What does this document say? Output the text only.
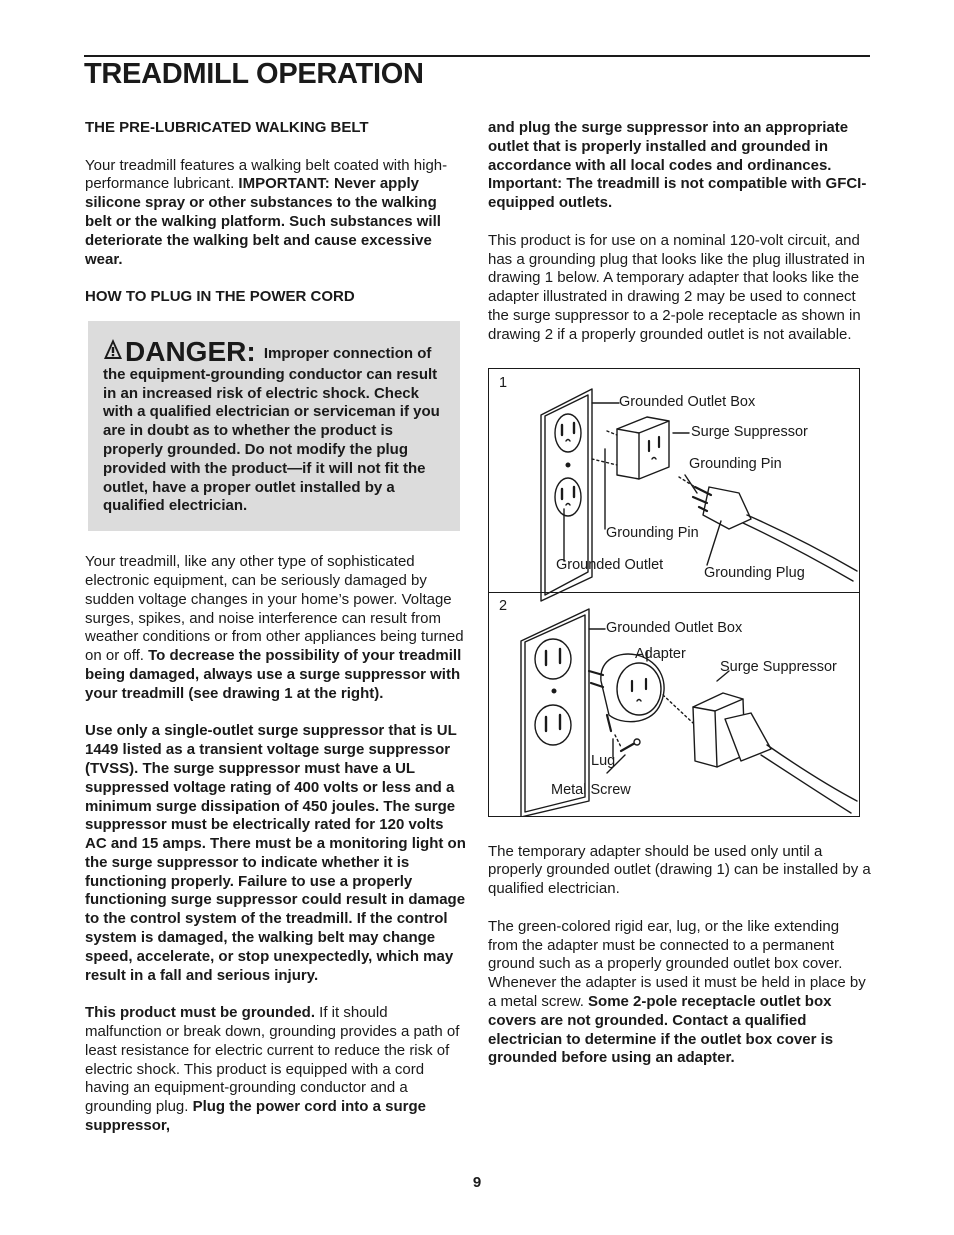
TREADMILL OPERATION

THE PRE-LUBRICATED WALKING BELT

Your treadmill features a walking belt coated with high-performance lubricant. IMPORTANT: Never apply silicone spray or other substances to the walking belt or the walking platform. Such substances will deteriorate the walking belt and cause excessive wear.

HOW TO PLUG IN THE POWER CORD

DANGER: Improper connection of the equipment-grounding conductor can result in an increased risk of electric shock. Check with a qualified electrician or serviceman if you are in doubt as to whether the product is properly grounded. Do not modify the plug provided with the product—if it will not fit the outlet, have a proper outlet installed by a qualified electrician.

Your treadmill, like any other type of sophisticated electronic equipment, can be seriously damaged by sudden voltage changes in your home’s power. Voltage surges, spikes, and noise interference can result from weather conditions or from other appliances being turned on or off. To decrease the possibility of your treadmill being damaged, always use a surge suppressor with your treadmill (see drawing 1 at the right).

Use only a single-outlet surge suppressor that is UL 1449 listed as a transient voltage surge suppressor (TVSS). The surge suppressor must have a UL suppressed voltage rating of 400 volts or less and a minimum surge dissipation of 450 joules. The surge suppressor must be electrically rated for 120 volts AC and 15 amps. There must be a monitoring light on the surge suppressor to indicate whether it is functioning properly. Failure to use a properly functioning surge suppressor could result in damage to the control system of the treadmill. If the control system is damaged, the walking belt may change speed, accelerate, or stop unexpectedly, which may result in a fall and serious injury.

This product must be grounded. If it should malfunction or break down, grounding provides a path of least resistance for electric current to reduce the risk of electric shock. This product is equipped with a cord having an equipment-grounding conductor and a grounding plug. Plug the power cord into a surge suppressor,

and plug the surge suppressor into an appropriate outlet that is properly installed and grounded in accordance with all local codes and ordinances. Important: The treadmill is not compatible with GFCI-equipped outlets.

This product is for use on a nominal 120-volt circuit, and has a grounding plug that looks like the plug illustrated in drawing 1 below. A temporary adapter that looks like the adapter illustrated in drawing 2 may be used to connect the surge suppressor to a 2-pole receptacle as shown in drawing 2 if a properly grounded outlet is not available.

1
Grounded Outlet Box
Surge Suppressor
Grounding Pin
Grounding Pin
Grounded Outlet	Grounding Plug
2
Grounded Outlet Box
Adapter
Surge Suppressor
Lug
Metal Screw

The temporary adapter should be used only until a properly grounded outlet (drawing 1) can be installed by a qualified electrician.

The green-colored rigid ear, lug, or the like extending from the adapter must be connected to a permanent ground such as a properly grounded outlet box cover. Whenever the adapter is used it must be held in place by a metal screw. Some 2-pole receptacle outlet box covers are not grounded. Contact a qualified electrician to determine if the outlet box cover is grounded before using an adapter.

9
